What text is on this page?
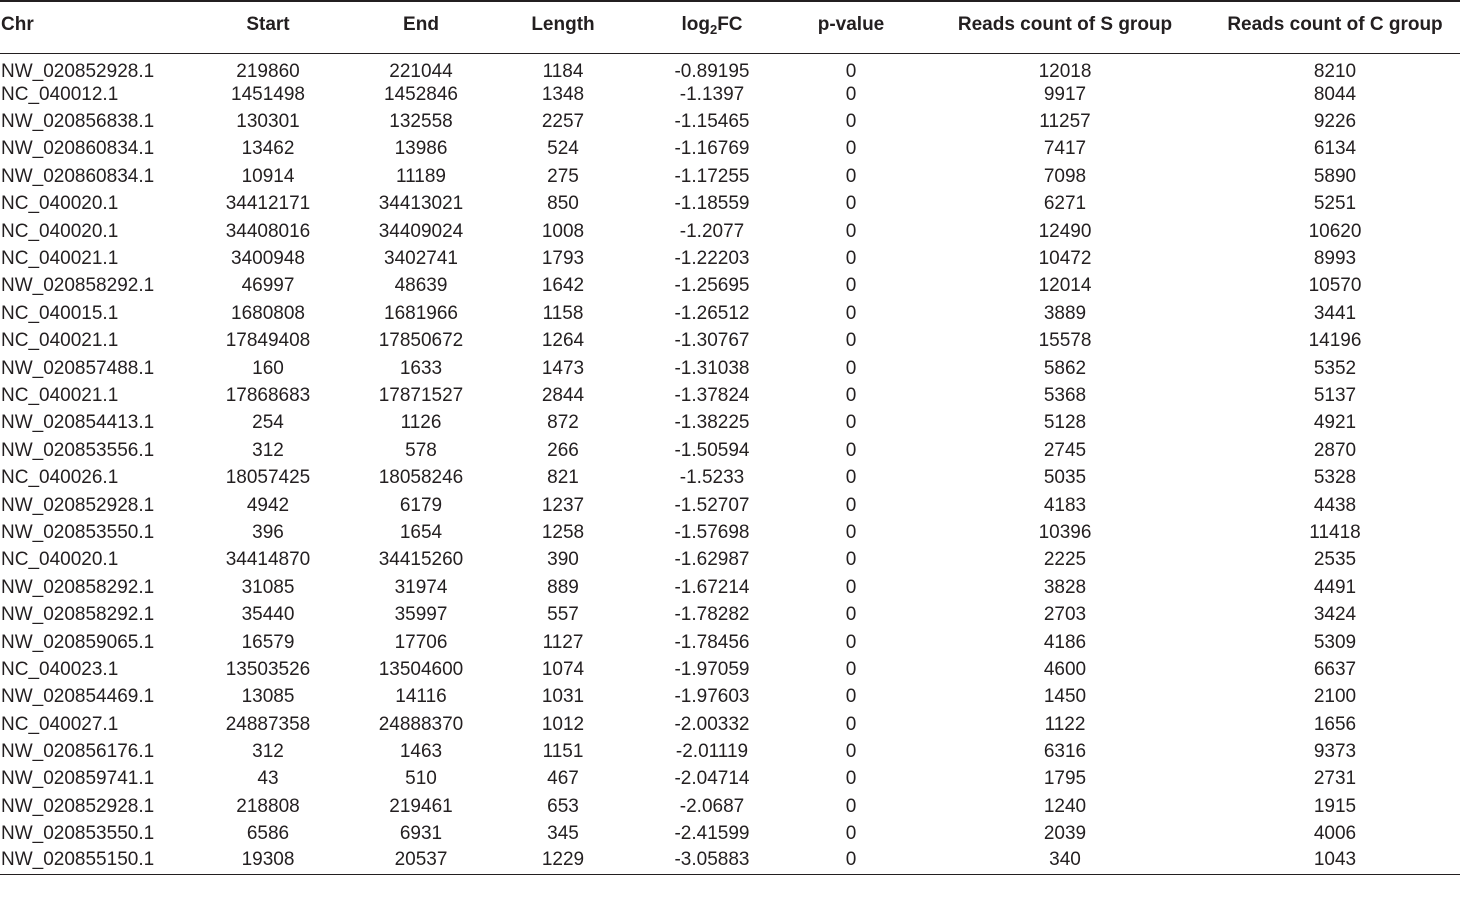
Chr	Start	End	Length	$\log_2FC$	p-value	Reads count of S group	Reads count of C group
NW_020852928.1	219860	221044	1184	-0.89195	0	12018	8210
NC_040012.1	1451498	1452846	1348	-1.1397	0	9917	8044
NW_020856838.1	130301	132558	2257	-1.15465	0	11257	9226
NW_020860834.1	13462	13986	524	-1.16769	0	7417	6134
NW_020860834.1	10914	11189	275	-1.17255	0	7098	5890
NC_040020.1	34412171	34413021	850	-1.18559	0	6271	5251
NC_040020.1	34408016	34409024	1008	-1.2077	0	12490	10620
NC_040021.1	3400948	3402741	1793	-1.22203	0	10472	8993
NW_020858292.1	46997	48639	1642	-1.25695	0	12014	10570
NC_040015.1	1680808	1681966	1158	-1.26512	0	3889	3441
NC_040021.1	17849408	17850672	1264	-1.30767	0	15578	14196
NW_020857488.1	160	1633	1473	-1.31038	0	5862	5352
NC_040021.1	17868683	17871527	2844	-1.37824	0	5368	5137
NW_020854413.1	254	1126	872	-1.38225	0	5128	4921
NW_020853556.1	312	578	266	-1.50594	0	2745	2870
NC_040026.1	18057425	18058246	821	-1.5233	0	5035	5328
NW_020852928.1	4942	6179	1237	-1.52707	0	4183	4438
NW_020853550.1	396	1654	1258	-1.57698	0	10396	11418
NC_040020.1	34414870	34415260	390	-1.62987	0	2225	2535
NW_020858292.1	31085	31974	889	-1.67214	0	3828	4491
NW_020858292.1	35440	35997	557	-1.78282	0	2703	3424
NW_020859065.1	16579	17706	1127	-1.78456	0	4186	5309
NC_040023.1	13503526	13504600	1074	-1.97059	0	4600	6637
NW_020854469.1	13085	14116	1031	-1.97603	0	1450	2100
NC_040027.1	24887358	24888370	1012	-2.00332	0	1122	1656
NW_020856176.1	312	1463	1151	-2.01119	0	6316	9373
NW_020859741.1	43	510	467	-2.04714	0	1795	2731
NW_020852928.1	218808	219461	653	-2.0687	0	1240	1915
NW_020853550.1	6586	6931	345	-2.41599	0	2039	4006
NW_020855150.1	19308	20537	1229	-3.05883	0	340	1043
